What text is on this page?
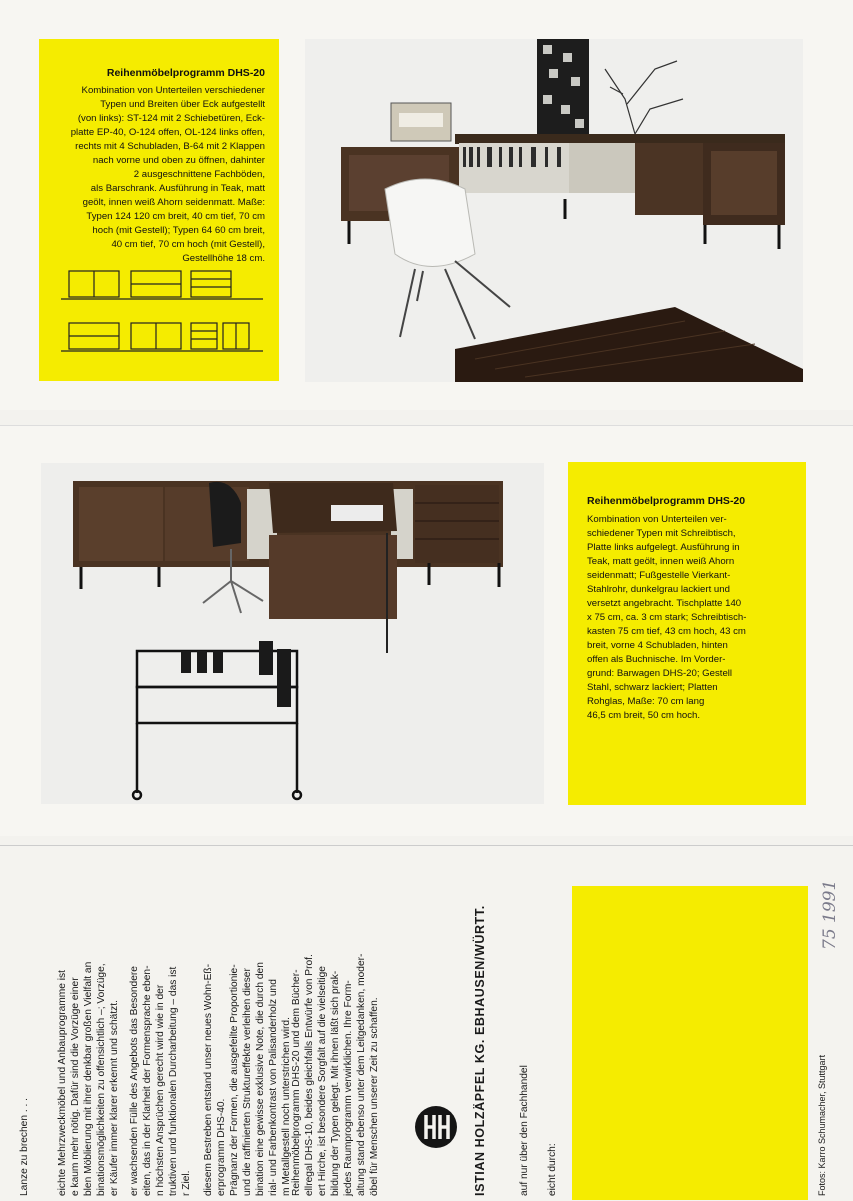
Reihenmöbelprogramm DHS-20
Kombination von Unterteilen verschiedener
Typen und Breiten über Eck aufgestellt
(von links): ST-124 mit 2 Schiebetüren, Eck-
platte EP-40, O-124 offen, OL-124 links offen,
rechts mit 4 Schubladen, B-64 mit 2 Klappen
nach vorne und oben zu öffnen, dahinter
2 ausgeschnittene Fachböden,
als Barschrank. Ausführung in Teak, matt
geölt, innen weiß Ahorn seidenmatt. Maße:
Typen 124 120 cm breit, 40 cm tief, 70 cm
hoch (mit Gestell); Typen 64 60 cm breit,
40 cm tief, 70 cm hoch (mit Gestell),
Gestellhöhe 18 cm.
Reihenmöbelprogramm DHS-20
Kombination von Unterteilen ver-
schiedener Typen mit Schreibtisch,
Platte links aufgelegt. Ausführung in
Teak, matt geölt, innen weiß Ahorn
seidenmatt; Fußgestelle Vierkant-
Stahlrohr, dunkelgrau lackiert und
versetzt angebracht. Tischplatte 140
x 75 cm, ca. 3 cm stark; Schreibtisch-
kasten 75 cm tief, 43 cm hoch, 43 cm
breit, vorne 4 Schubladen, hinten
offen als Buchnische. Im Vorder-
grund: Barwagen DHS-20; Gestell
Stahl, schwarz lackiert; Platten
Rohglas, Maße: 70 cm lang
46,5 cm breit, 50 cm hoch.
Lanze zu brechen . . .	eichte Mehrzweckmöbel und Anbauprogramme ist e kaum mehr nötig. Dafür sind die Vorzüge einer blen Möblierung mit ihrer denkbar großen Vielfalt an binationsmöglichkeiten zu offensichtlich –; Vorzüge, er Käufer immer klarer erkennt und schätzt. er wachsenden Fülle des Angebots das Besondere eiten, das in der Klarheit der Formensprache eben- n höchsten Ansprüchen gerecht wird wie in der truktiven und funktionalen Durcharbeitung – das ist r Ziel. diesem Bestreben entstand unser neues Wohn-Eß- erprogramm DHS-40. Prägnanz der Formen, die ausgefeilte Proportionie- und die raffinierten Struktureffekte verleihen dieser bination eine gewisse exklusive Note, die durch den rial- und Farbenkontrast von Palisanderholz und m Metallgestell noch unterstrichen wird. Reihenmöbelprogramm DHS-20 und dem Bücher- ellregal DHS-10, beides gleichfalls Entwürfe von Prof. ert Hirche, ist besondere Sorgfalt auf die vielseitige bildung der Typen gelegt. Mit ihnen läßt sich prak- jedes Raumprogramm verwirklichen. Ihre Form- altung stand ebenso unter dem Leitgedanken, moder- öbel für Menschen unserer Zeit zu schaffen.	ISTIAN HOLZÄPFEL KG. EBHAUSEN/WÜRTT.	auf nur über den Fachhandel eicht durch:	Fotos: Karro Schumacher, Stuttgart
75 1991
